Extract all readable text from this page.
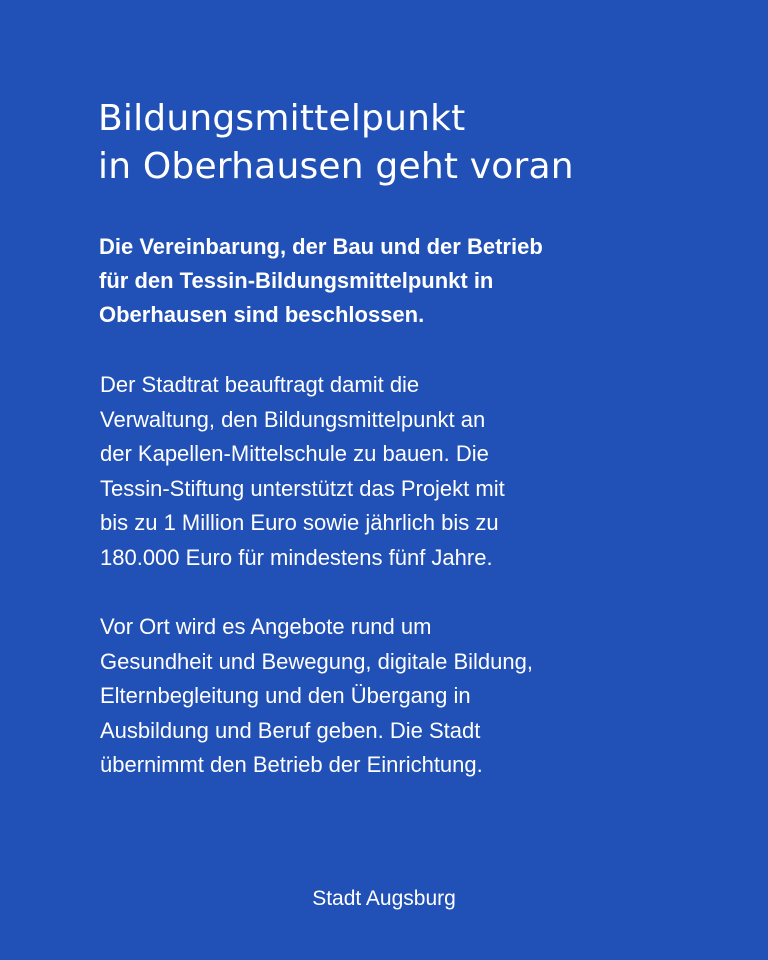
Bildungsmittelpunkt
in Oberhausen geht voran

Die Vereinbarung, der Bau und der Betrieb
für den Tessin-Bildungsmittelpunkt in
Oberhausen sind beschlossen.

Der Stadtrat beauftragt damit die
Verwaltung, den Bildungsmittelpunkt an
der Kapellen-Mittelschule zu bauen. Die
Tessin-Stiftung unterstützt das Projekt mit
bis zu 1 Million Euro sowie jährlich bis zu
180.000 Euro für mindestens fünf Jahre.

Vor Ort wird es Angebote rund um
Gesundheit und Bewegung, digitale Bildung,
Elternbegleitung und den Übergang in
Ausbildung und Beruf geben. Die Stadt
übernimmt den Betrieb der Einrichtung.

Stadt Augsburg
